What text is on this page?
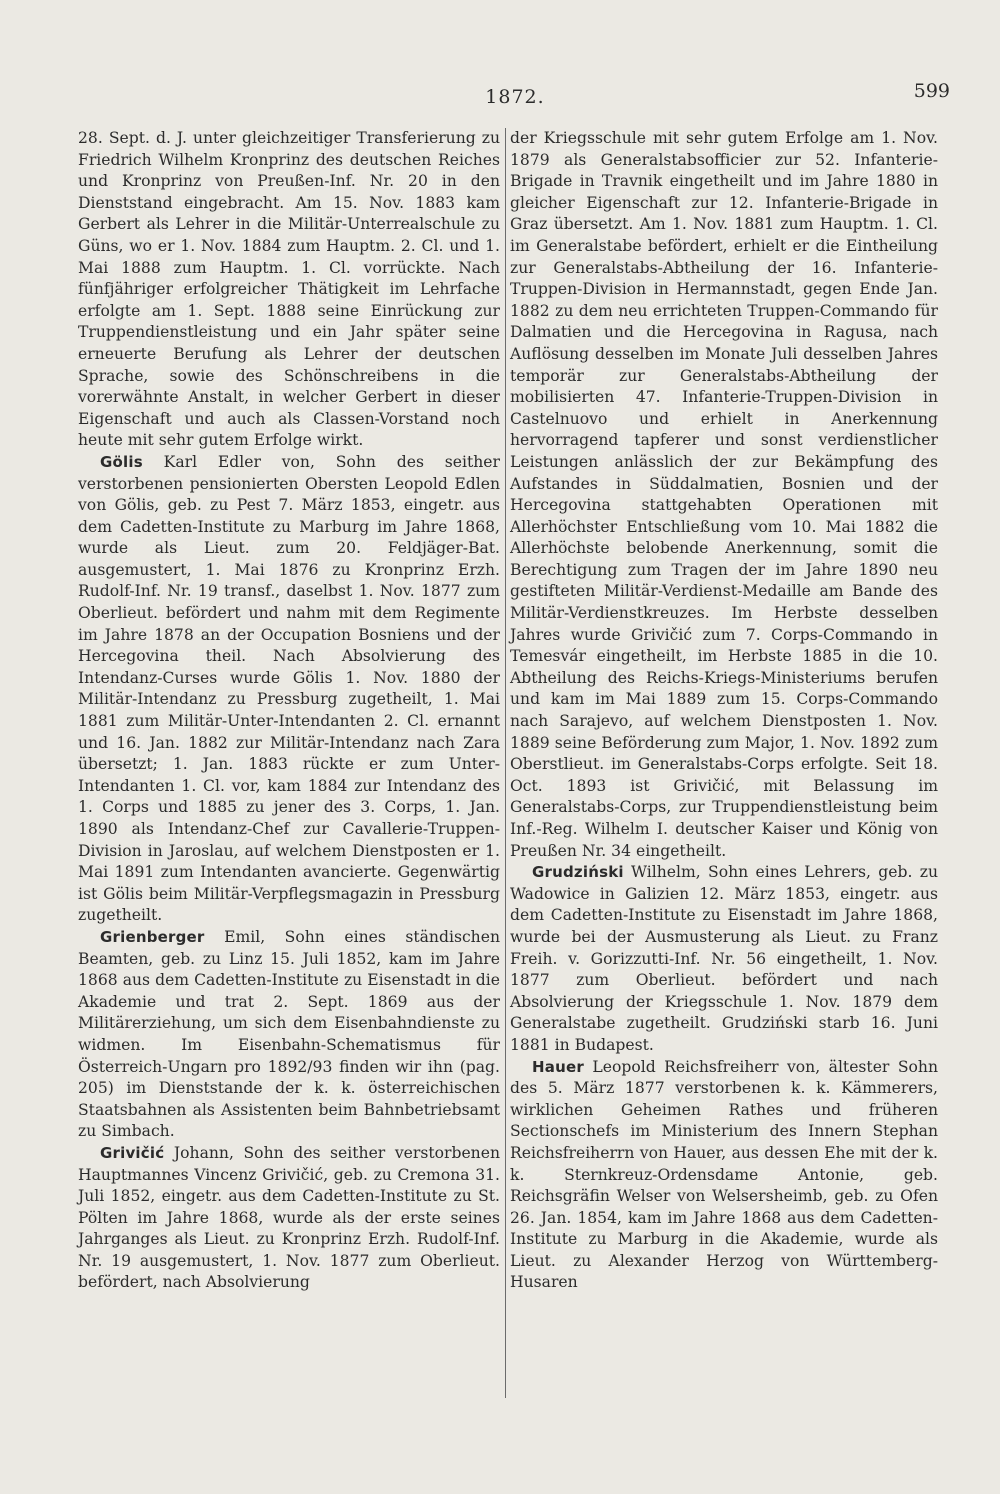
1872.	599

28. Sept. d. J. unter gleichzeitiger Transferierung zu Friedrich Wilhelm Kronprinz des deutschen Reiches und Kronprinz von Preußen-Inf. Nr. 20 in den Dienststand eingebracht. Am 15. Nov. 1883 kam Gerbert als Lehrer in die Militär-Unterrealschule zu Güns, wo er 1. Nov. 1884 zum Hauptm. 2. Cl. und 1. Mai 1888 zum Hauptm. 1. Cl. vorrückte. Nach fünfjähriger erfolgreicher Thätigkeit im Lehrfache erfolgte am 1. Sept. 1888 seine Einrückung zur Truppendienstleistung und ein Jahr später seine erneuerte Berufung als Lehrer der deutschen Sprache, sowie des Schönschreibens in die vorerwähnte Anstalt, in welcher Gerbert in dieser Eigenschaft und auch als Classen-Vorstand noch heute mit sehr gutem Erfolge wirkt.

Gölis Karl Edler von, Sohn des seither verstorbenen pensionierten Obersten Leopold Edlen von Gölis, geb. zu Pest 7. März 1853, eingetr. aus dem Cadetten-Institute zu Marburg im Jahre 1868, wurde als Lieut. zum 20. Feldjäger-Bat. ausgemustert, 1. Mai 1876 zu Kronprinz Erzh. Rudolf-Inf. Nr. 19 transf., daselbst 1. Nov. 1877 zum Oberlieut. befördert und nahm mit dem Regimente im Jahre 1878 an der Occupation Bosniens und der Hercegovina theil. Nach Absolvierung des Intendanz-Curses wurde Gölis 1. Nov. 1880 der Militär-Intendanz zu Pressburg zugetheilt, 1. Mai 1881 zum Militär-Unter-Intendanten 2. Cl. ernannt und 16. Jan. 1882 zur Militär-Intendanz nach Zara übersetzt; 1. Jan. 1883 rückte er zum Unter-Intendanten 1. Cl. vor, kam 1884 zur Intendanz des 1. Corps und 1885 zu jener des 3. Corps, 1. Jan. 1890 als Intendanz-Chef zur Cavallerie-Truppen-Division in Jaroslau, auf welchem Dienstposten er 1. Mai 1891 zum Intendanten avancierte. Gegenwärtig ist Gölis beim Militär-Verpflegsmagazin in Pressburg zugetheilt.

Grienberger Emil, Sohn eines ständischen Beamten, geb. zu Linz 15. Juli 1852, kam im Jahre 1868 aus dem Cadetten-Institute zu Eisenstadt in die Akademie und trat 2. Sept. 1869 aus der Militärerziehung, um sich dem Eisenbahndienste zu widmen. Im Eisenbahn-Schematismus für Österreich-Ungarn pro 1892/93 finden wir ihn (pag. 205) im Dienststande der k. k. österreichischen Staatsbahnen als Assistenten beim Bahnbetriebsamt zu Simbach.

Grivičić Johann, Sohn des seither verstorbenen Hauptmannes Vincenz Grivičić, geb. zu Cremona 31. Juli 1852, eingetr. aus dem Cadetten-Institute zu St. Pölten im Jahre 1868, wurde als der erste seines Jahrganges als Lieut. zu Kronprinz Erzh. Rudolf-Inf. Nr. 19 ausgemustert, 1. Nov. 1877 zum Oberlieut. befördert, nach Absolvierung

der Kriegsschule mit sehr gutem Erfolge am 1. Nov. 1879 als Generalstabsofficier zur 52. Infanterie-Brigade in Travnik eingetheilt und im Jahre 1880 in gleicher Eigenschaft zur 12. Infanterie-Brigade in Graz übersetzt. Am 1. Nov. 1881 zum Hauptm. 1. Cl. im Generalstabe befördert, erhielt er die Eintheilung zur Generalstabs-Abtheilung der 16. Infanterie-Truppen-Division in Hermannstadt, gegen Ende Jan. 1882 zu dem neu errichteten Truppen-Commando für Dalmatien und die Hercegovina in Ragusa, nach Auflösung desselben im Monate Juli desselben Jahres temporär zur Generalstabs-Abtheilung der mobilisierten 47. Infanterie-Truppen-Division in Castelnuovo und erhielt in Anerkennung hervorragend tapferer und sonst verdienstlicher Leistungen anlässlich der zur Bekämpfung des Aufstandes in Süddalmatien, Bosnien und der Hercegovina stattgehabten Operationen mit Allerhöchster Entschließung vom 10. Mai 1882 die Allerhöchste belobende Anerkennung, somit die Berechtigung zum Tragen der im Jahre 1890 neu gestifteten Militär-Verdienst-Medaille am Bande des Militär-Verdienstkreuzes. Im Herbste desselben Jahres wurde Grivičić zum 7. Corps-Commando in Temesvár eingetheilt, im Herbste 1885 in die 10. Abtheilung des Reichs-Kriegs-Ministeriums berufen und kam im Mai 1889 zum 15. Corps-Commando nach Sarajevo, auf welchem Dienstposten 1. Nov. 1889 seine Beförderung zum Major, 1. Nov. 1892 zum Oberstlieut. im Generalstabs-Corps erfolgte. Seit 18. Oct. 1893 ist Grivičić, mit Belassung im Generalstabs-Corps, zur Truppendienstleistung beim Inf.-Reg. Wilhelm I. deutscher Kaiser und König von Preußen Nr. 34 eingetheilt.

Grudziński Wilhelm, Sohn eines Lehrers, geb. zu Wadowice in Galizien 12. März 1853, eingetr. aus dem Cadetten-Institute zu Eisenstadt im Jahre 1868, wurde bei der Ausmusterung als Lieut. zu Franz Freih. v. Gorizzutti-Inf. Nr. 56 eingetheilt, 1. Nov. 1877 zum Oberlieut. befördert und nach Absolvierung der Kriegsschule 1. Nov. 1879 dem Generalstabe zugetheilt. Grudziński starb 16. Juni 1881 in Budapest.

Hauer Leopold Reichsfreiherr von, ältester Sohn des 5. März 1877 verstorbenen k. k. Kämmerers, wirklichen Geheimen Rathes und früheren Sectionschefs im Ministerium des Innern Stephan Reichsfreiherrn von Hauer, aus dessen Ehe mit der k. k. Sternkreuz-Ordensdame Antonie, geb. Reichsgräfin Welser von Welsersheimb, geb. zu Ofen 26. Jan. 1854, kam im Jahre 1868 aus dem Cadetten-Institute zu Marburg in die Akademie, wurde als Lieut. zu Alexander Herzog von Württemberg-Husaren
